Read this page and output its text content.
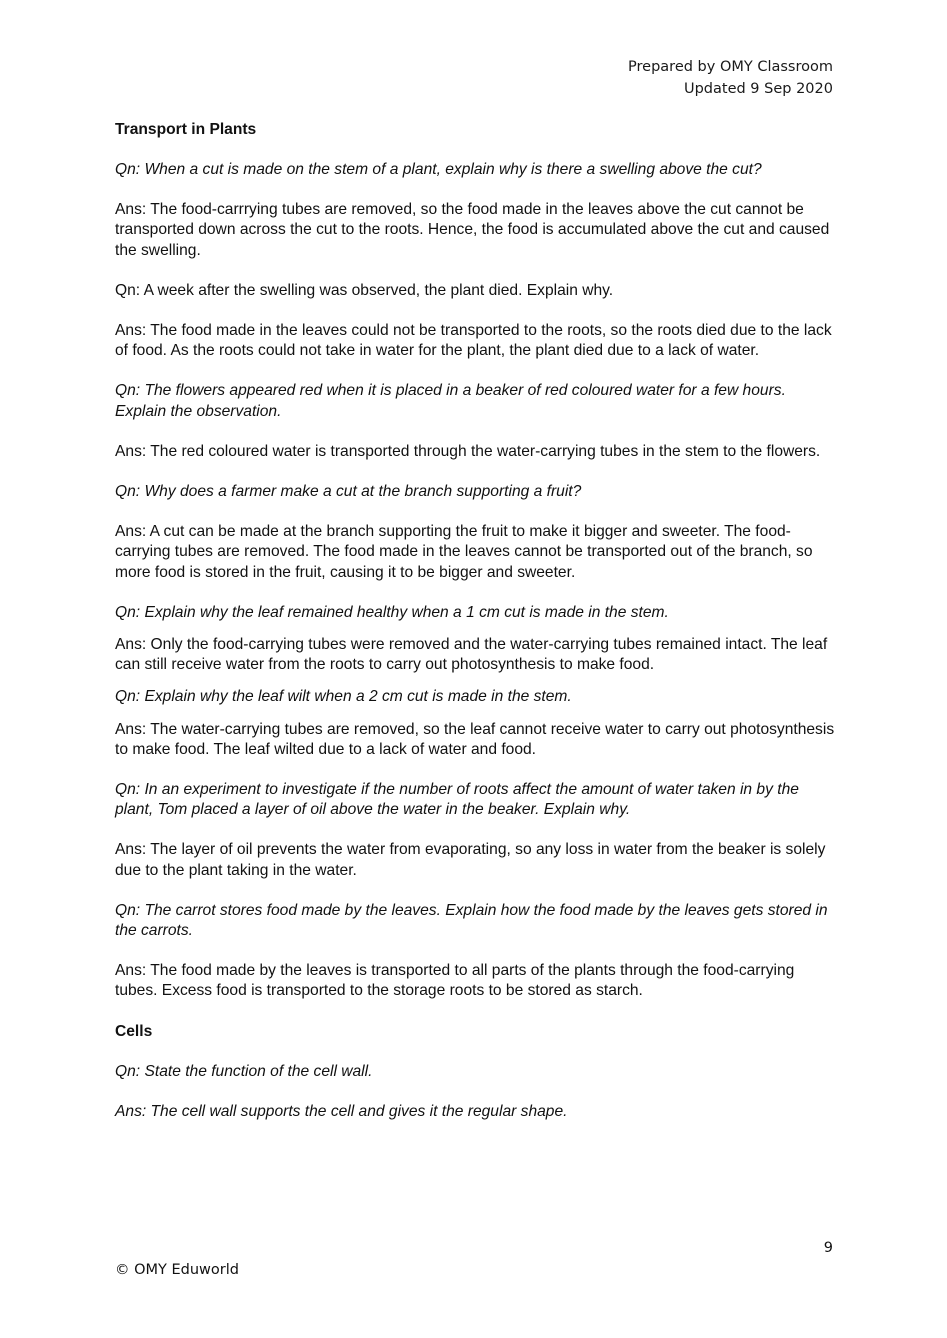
Prepared by OMY Classroom
Updated 9 Sep 2020
Transport in Plants

Qn: When a cut is made on the stem of a plant, explain why is there a swelling above the cut?

Ans: The food-carrrying tubes are removed, so the food made in the leaves above the cut cannot be transported down across the cut to the roots. Hence, the food is accumulated above the cut and caused the swelling.

Qn: A week after the swelling was observed, the plant died. Explain why.

Ans: The food made in the leaves could not be transported to the roots, so the roots died due to the lack of food. As the roots could not take in water for the plant, the plant died due to a lack of water.

Qn: The flowers appeared red when it is placed in a beaker of red coloured water for a few hours. Explain the observation.

Ans: The red coloured water is transported through the water-carrying tubes in the stem to the flowers.

Qn: Why does a farmer make a cut at the branch supporting a fruit?

Ans: A cut can be made at the branch supporting the fruit to make it bigger and sweeter. The food-carrying tubes are removed. The food made in the leaves cannot be transported out of the branch, so more food is stored in the fruit, causing it to be bigger and sweeter.

Qn: Explain why the leaf remained healthy when a 1 cm cut is made in the stem.

Ans: Only the food-carrying tubes were removed and the water-carrying tubes remained intact. The leaf can still receive water from the roots to carry out photosynthesis to make food.

Qn: Explain why the leaf wilt when a 2 cm cut is made in the stem.

Ans: The water-carrying tubes are removed, so the leaf cannot receive water to carry out photosynthesis to make food. The leaf wilted due to a lack of water and food.

Qn: In an experiment to investigate if the number of roots affect the amount of water taken in by the plant, Tom placed a layer of oil above the water in the beaker. Explain why.

Ans: The layer of oil prevents the water from evaporating, so any loss in water from the beaker is solely due to the plant taking in the water.

Qn: The carrot stores food made by the leaves. Explain how the food made by the leaves gets stored in the carrots.

Ans: The food made by the leaves is transported to all parts of the plants through the food-carrying tubes. Excess food is transported to the storage roots to be stored as starch.

Cells

Qn: State the function of the cell wall.

Ans: The cell wall supports the cell and gives it the regular shape.

9
© OMY Eduworld
